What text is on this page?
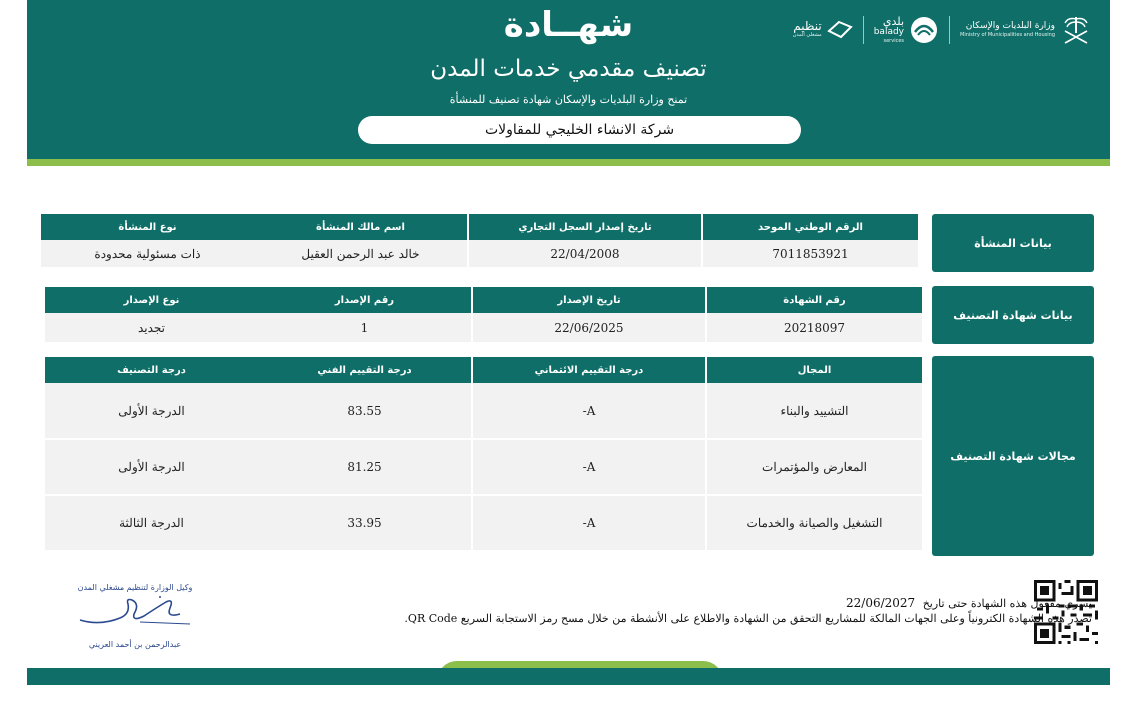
شهــادة
تصنيف مقدمي خدمات المدن
تمنح وزارة البلديات والإسكان شهادة تصنيف للمنشأة
شركة الانشاء الخليجي للمقاولات
تنظيم
مشغلي المدن
بلدي
balady
services
وزارة البلديات والإسكان
Ministry of Municipalities and Housing
بيانات المنشأة
الرقم الوطني الموحد	تاريخ إصدار السجل التجاري	اسم مالك المنشأة	نوع المنشأة
7011853921	22/04/2008	خالد عبد الرحمن العقيل	ذات مسئولية محدودة
بيانات شهادة التصنيف
رقم الشهادة	تاريخ الإصدار	رقم الإصدار	نوع الإصدار
20218097	22/06/2025	1	تجديد
مجالات شهادة التصنيف
المجال	درجة التقييم الائتماني	درجة التقييم الفني	درجة التصنيف
التشييد والبناء	A-	83.55	الدرجة الأولى
المعارض والمؤتمرات	A-	81.25	الدرجة الأولى
التشغيل والصيانة والخدمات	A-	33.95	الدرجة الثالثة
يسري مفعول هذه الشهادة حتى تاريخ 22/06/2027
تصدر هذه الشهادة الكترونياً وعلى الجهات المالكة للمشاريع التحقق من الشهادة والاطلاع على الأنشطة من خلال مسح رمز الاستجابة السريع QR Code.
وكيل الوزارة لتنظيم مشغلي المدن
عبدالرحمن بن أحمد العريني
